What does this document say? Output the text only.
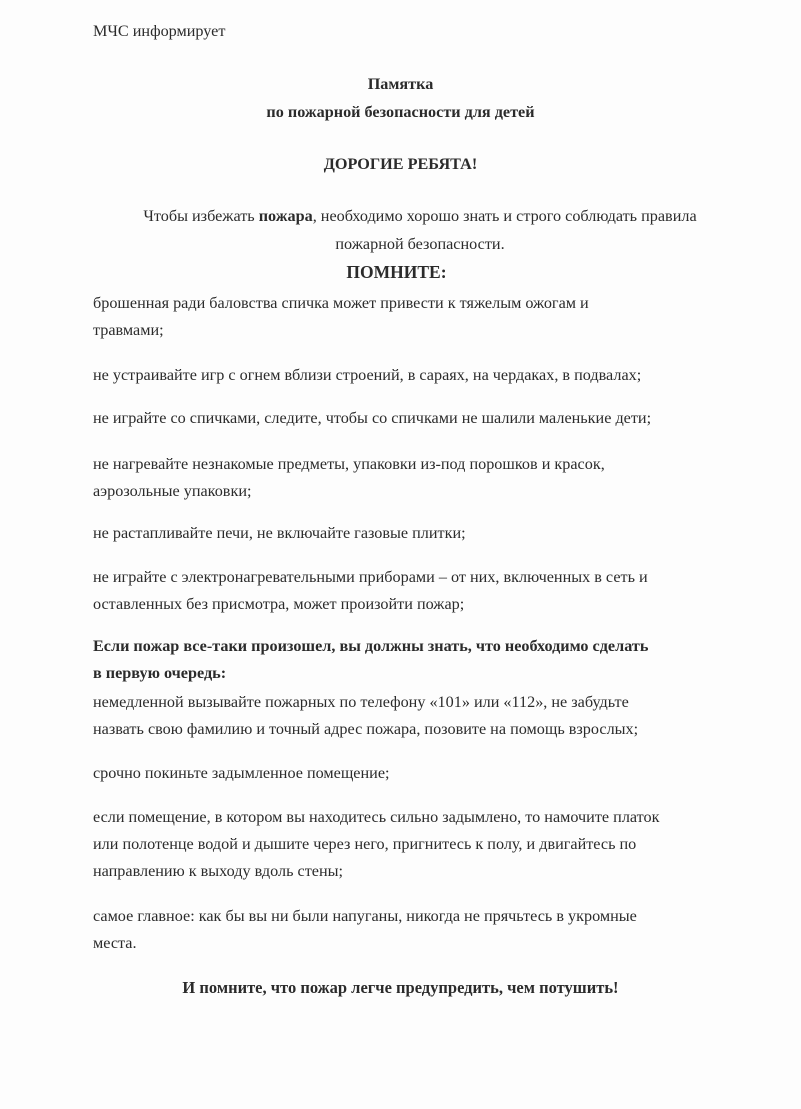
МЧС информирует
Памятка
по пожарной безопасности для детей
ДОРОГИЕ РЕБЯТА!
Чтобы избежать пожара, необходимо хорошо знать и строго соблюдать правила
пожарной безопасности.
ПОМНИТЕ:
брошенная ради баловства спичка может привести к тяжелым ожогам и
травмами;
не устраивайте игр с огнем вблизи строений, в сараях, на чердаках, в подвалах;
не играйте со спичками, следите, чтобы со спичками не шалили маленькие дети;
не нагревайте незнакомые предметы, упаковки из-под порошков и красок,
аэрозольные упаковки;
не растапливайте печи, не включайте газовые плитки;
не играйте с электронагревательными приборами – от них, включенных в сеть и
оставленных без присмотра, может произойти пожар;
Если пожар все-таки произошел, вы должны знать, что необходимо сделать
в первую очередь:
немедленной вызывайте пожарных по телефону «101» или «112», не забудьте
назвать свою фамилию и точный адрес пожара, позовите на помощь взрослых;
срочно покиньте задымленное помещение;
если помещение, в котором вы находитесь сильно задымлено, то намочите платок
или полотенце водой и дышите через него, пригнитесь к полу, и двигайтесь по
направлению к выходу вдоль стены;
самое главное: как бы вы ни были напуганы, никогда не прячьтесь в укромные
места.
И помните, что пожар легче предупредить, чем потушить!
